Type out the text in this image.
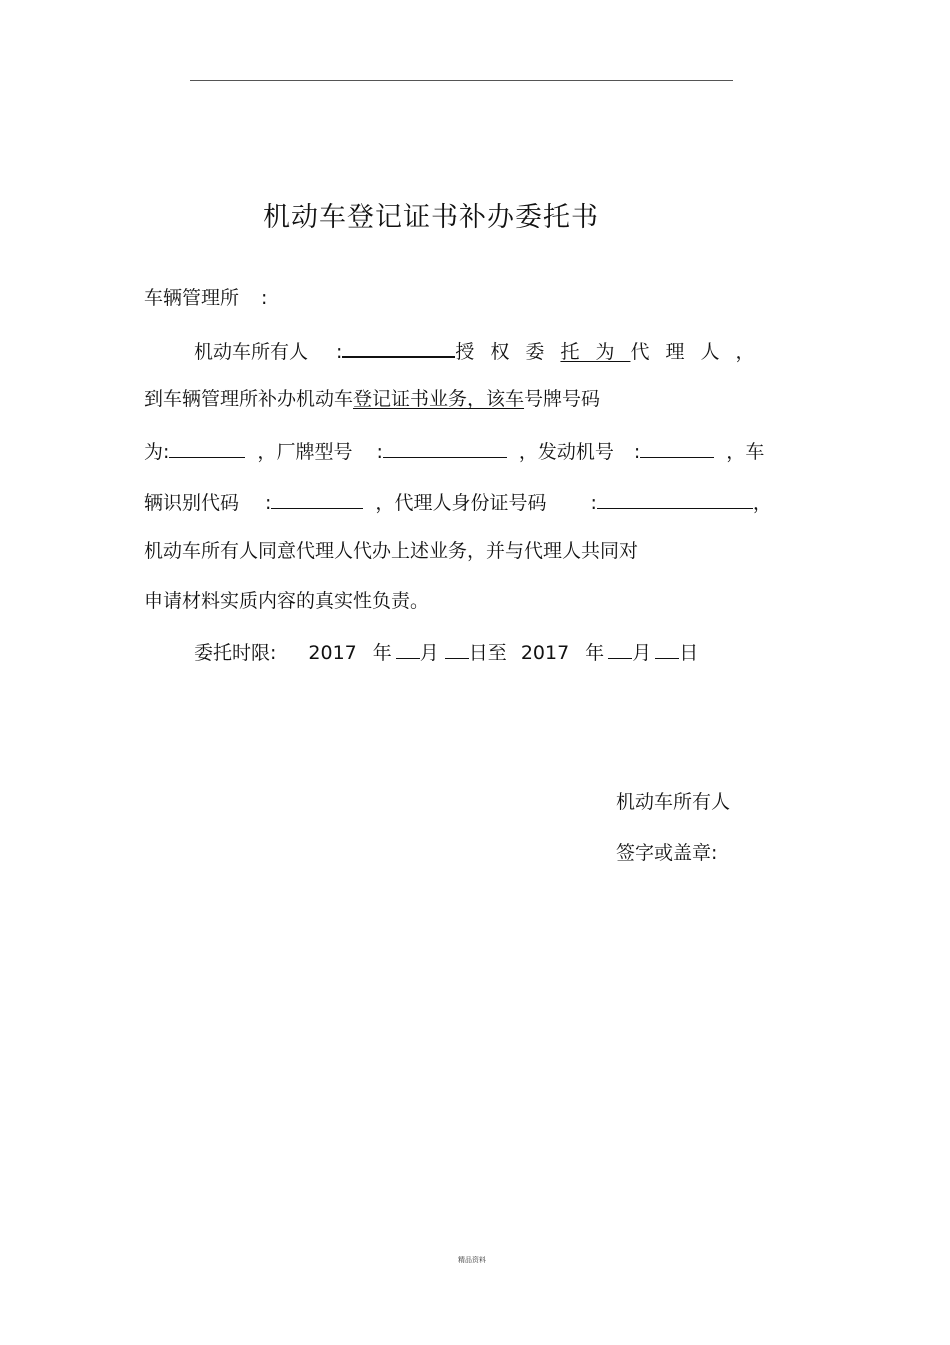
机动车登记证书补办委托书
车辆管理所 :
机动车所有人 :	授权委托为代理人，
到车辆管理所补办机动车登记证书业务，该车号牌号码
为:	，厂牌型号 :	，发动机号 :	，车
辆识别代码 :	，代理人身份证号码 :	，
机动车所有人同意代理人代办上述业务，并与代理人共同对
申请材料实质内容的真实性负责。
委托时限: 2017 年 月 日至 2017 年 月 日
机动车所有人
签字或盖章:
精品资料
